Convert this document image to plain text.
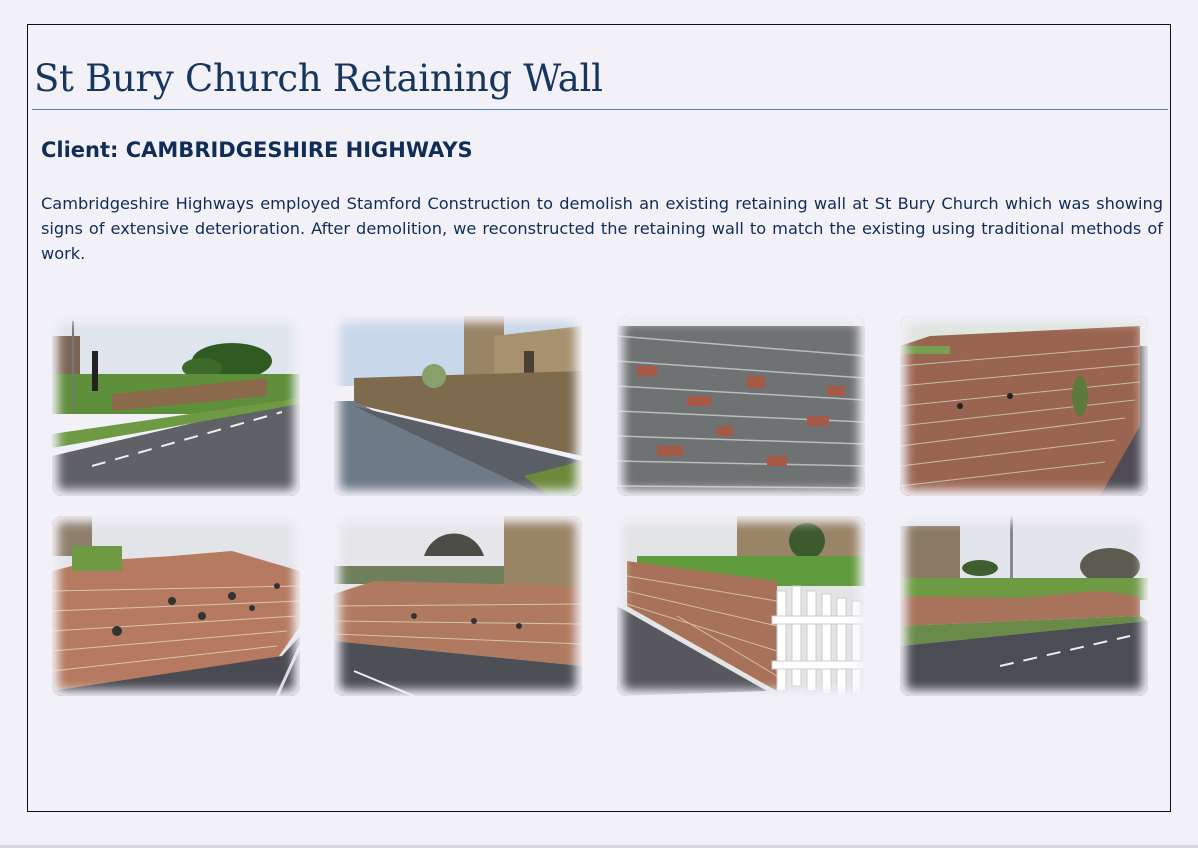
St Bury Church Retaining Wall
Client: CAMBRIDGESHIRE HIGHWAYS

Cambridgeshire Highways employed Stamford Construction to demolish an existing retaining wall at St Bury Church which was showing signs of extensive deterioration. After demolition, we reconstructed the retaining wall to match the existing using traditional methods of work.
